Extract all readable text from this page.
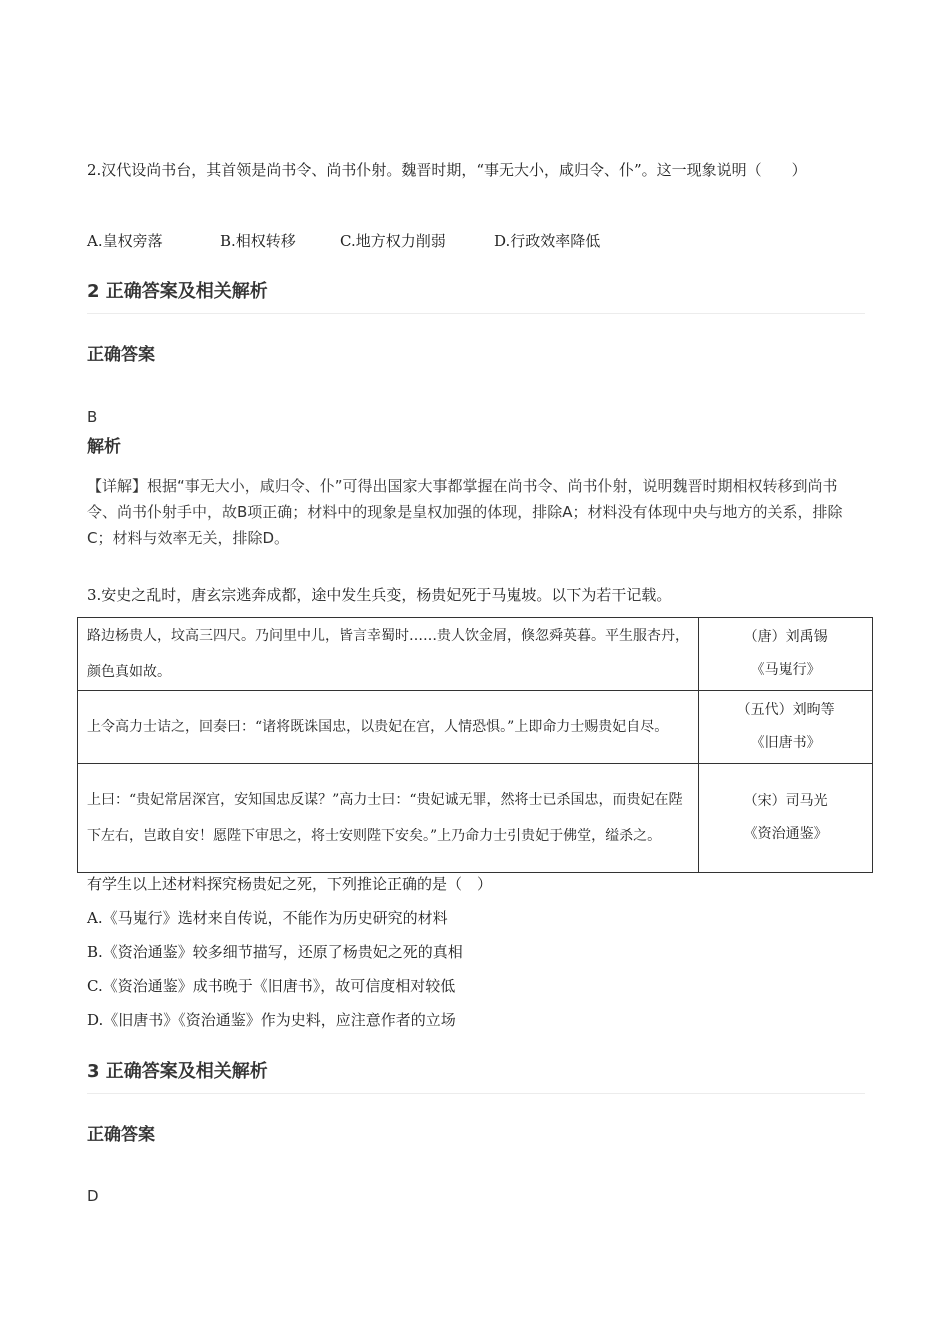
2.汉代设尚书台，其首领是尚书令、尚书仆射。魏晋时期，“事无大小，咸归令、仆”。这一现象说明（　　）
A.皇权旁落	B.相权转移	C.地方权力削弱	D.行政效率降低
2 正确答案及相关解析
正确答案
B
解析
【详解】根据“事无大小，咸归令、仆”可得出国家大事都掌握在尚书令、尚书仆射，说明魏晋时期相权转移到尚书令、尚书仆射手中，故B项正确；材料中的现象是皇权加强的体现，排除A；材料没有体现中央与地方的关系，排除C；材料与效率无关，排除D。
3.安史之乱时，唐玄宗逃奔成都，途中发生兵变，杨贵妃死于马嵬坡。以下为若干记载。
路边杨贵人，坟高三四尺。乃问里中儿，皆言幸蜀时……贵人饮金屑，倏忽舜英暮。平生服杏丹，颜色真如故。	（唐）刘禹锡
《马嵬行》

上令高力士诘之，回奏曰：“诸将既诛国忠，以贵妃在宫，人情恐惧。”上即命力士赐贵妃自尽。	（五代）刘昫等
《旧唐书》

上曰：“贵妃常居深宫，安知国忠反谋？”高力士曰：“贵妃诚无罪，然将士已杀国忠，而贵妃在陛下左右，岂敢自安！愿陛下审思之，将士安则陛下安矣。”上乃命力士引贵妃于佛堂，缢杀之。	（宋）司马光
《资治通鉴》
有学生以上述材料探究杨贵妃之死，下列推论正确的是（　）
A.《马嵬行》选材来自传说，不能作为历史研究的材料
B.《资治通鉴》较多细节描写，还原了杨贵妃之死的真相
C.《资治通鉴》成书晚于《旧唐书》，故可信度相对较低
D.《旧唐书》《资治通鉴》作为史料，应注意作者的立场
3 正确答案及相关解析
正确答案
D
